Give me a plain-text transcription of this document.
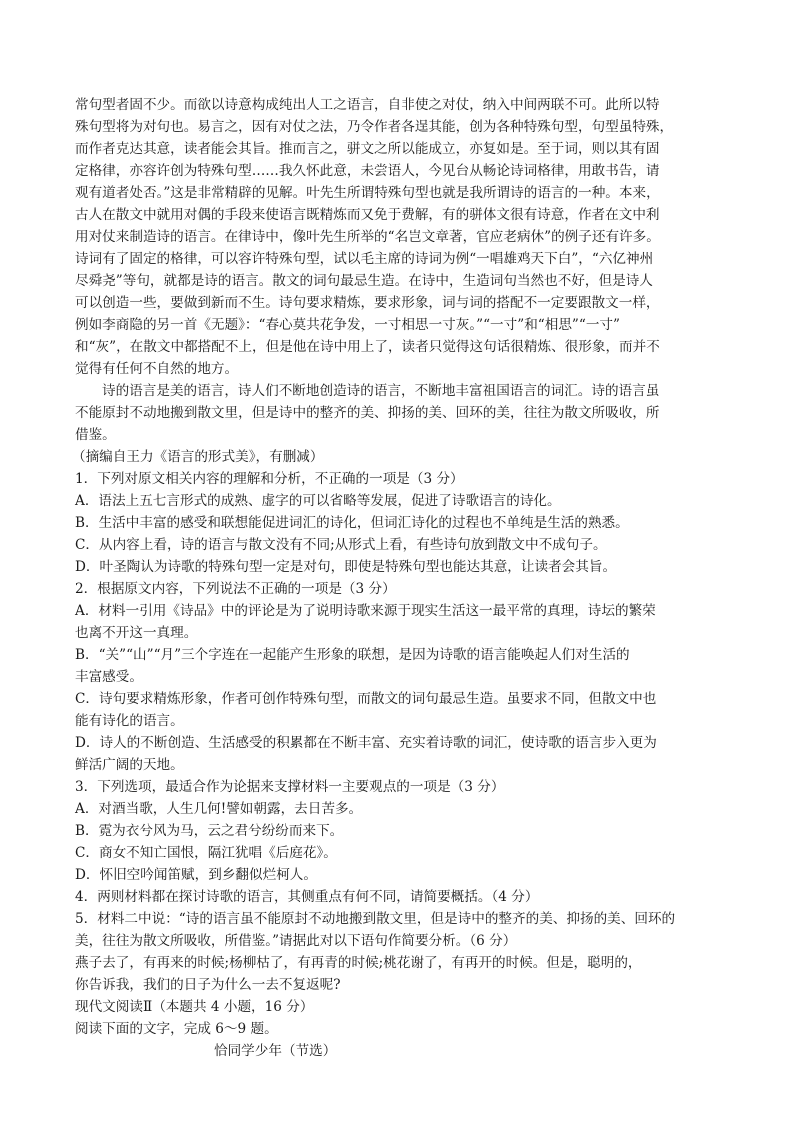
常句型者固不少。而欲以诗意构成纯出人工之语言，自非使之对仗，纳入中间两联不可。此所以特
殊句型将为对句也。易言之，因有对仗之法，乃令作者各逞其能，创为各种特殊句型，句型虽特殊，
而作者克达其意，读者能会其旨。推而言之，骈文之所以能成立，亦复如是。至于词，则以其有固
定格律，亦容许创为特殊句型……我久怀此意，未尝语人，今见台从畅论诗词格律，用敢书告，请
观有道者处否。”这是非常精辟的见解。叶先生所谓特殊句型也就是我所谓诗的语言的一种。本来，
古人在散文中就用对偶的手段来使语言既精炼而又免于费解，有的骈体文很有诗意，作者在文中利
用对仗来制造诗的语言。在律诗中，像叶先生所举的“名岂文章著，官应老病休”的例子还有许多。
诗词有了固定的格律，可以容许特殊句型，试以毛主席的诗词为例“一唱雄鸡天下白”，“六亿神州
尽舜尧”等句，就都是诗的语言。散文的词句最忌生造。在诗中，生造词句当然也不好，但是诗人
可以创造一些，要做到新而不生。诗句要求精炼，要求形象，词与词的搭配不一定要跟散文一样，
例如李商隐的另一首《无题》：“春心莫共花争发，一寸相思一寸灰。”“一寸”和“相思”“一寸”
和“灰”，在散文中都搭配不上，但是他在诗中用上了，读者只觉得这句话很精炼、很形象，而并不
觉得有任何不自然的地方。
诗的语言是美的语言，诗人们不断地创造诗的语言，不断地丰富祖国语言的词汇。诗的语言虽
不能原封不动地搬到散文里，但是诗中的整齐的美、抑扬的美、回环的美，往往为散文所吸收，所
借鉴。
（摘编自王力《语言的形式美》，有删减）
1．下列对原文相关内容的理解和分析，不正确的一项是（3 分）
A．语法上五七言形式的成熟、虚字的可以省略等发展，促进了诗歌语言的诗化。
B．生活中丰富的感受和联想能促进词汇的诗化，但词汇诗化的过程也不单纯是生活的熟悉。
C．从内容上看，诗的语言与散文没有不同;从形式上看，有些诗句放到散文中不成句子。
D．叶圣陶认为诗歌的特殊句型一定是对句，即使是特殊句型也能达其意，让读者会其旨。
2．根据原文内容，下列说法不正确的一项是（3 分）
A．材料一引用《诗品》中的评论是为了说明诗歌来源于现实生活这一最平常的真理，诗坛的繁荣
也离不开这一真理。
B．“关”“山”“月”三个字连在一起能产生形象的联想，是因为诗歌的语言能唤起人们对生活的
丰富感受。
C．诗句要求精炼形象，作者可创作特殊句型，而散文的词句最忌生造。虽要求不同，但散文中也
能有诗化的语言。
D．诗人的不断创造、生活感受的积累都在不断丰富、充实着诗歌的词汇，使诗歌的语言步入更为
鲜活广阔的天地。
3．下列选项，最适合作为论据来支撑材料一主要观点的一项是（3 分）
A．对酒当歌，人生几何!譬如朝露，去日苦多。
B．霓为衣兮风为马，云之君兮纷纷而来下。
C．商女不知亡国恨，隔江犹唱《后庭花》。
D．怀旧空吟闻笛赋，到乡翻似烂柯人。
4．两则材料都在探讨诗歌的语言，其侧重点有何不同，请简要概括。（4 分）
5．材料二中说：“诗的语言虽不能原封不动地搬到散文里，但是诗中的整齐的美、抑扬的美、回环的
美，往往为散文所吸收，所借鉴。”请据此对以下语句作简要分析。（6 分）
燕子去了，有再来的时候;杨柳枯了，有再青的时候;桃花谢了，有再开的时候。但是，聪明的，
你告诉我，我们的日子为什么一去不复返呢?
现代文阅读Ⅱ（本题共 4 小题，16 分）
阅读下面的文字，完成 6～9 题。
恰同学少年（节选）
